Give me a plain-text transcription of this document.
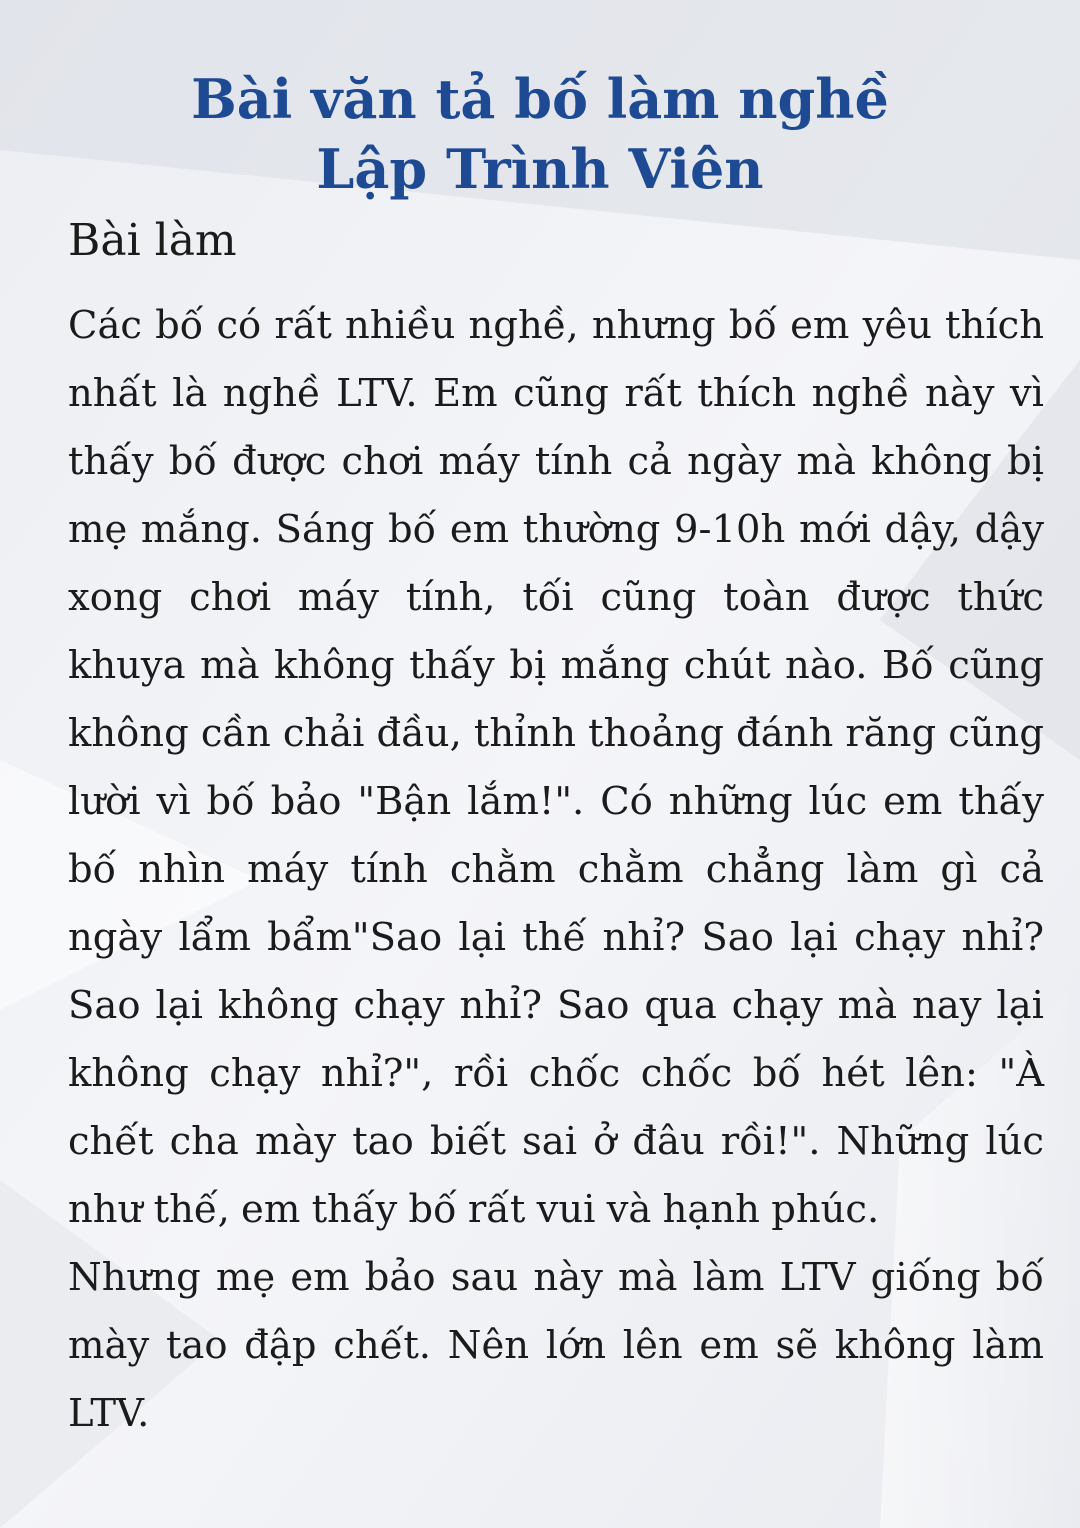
Bài văn tả bố làm nghề
Lập Trình Viên
Bài làm

Các bố có rất nhiều nghề, nhưng bố em yêu thích nhất là nghề LTV. Em cũng rất thích nghề này vì thấy bố được chơi máy tính cả ngày mà không bị mẹ mắng. Sáng bố em thường 9-10h mới dậy, dậy xong chơi máy tính, tối cũng toàn được thức khuya mà không thấy bị mắng chút nào. Bố cũng không cần chải đầu, thỉnh thoảng đánh răng cũng lười vì bố bảo "Bận lắm!". Có những lúc em thấy bố nhìn máy tính chằm chằm chẳng làm gì cả ngày lẩm bẩm"Sao lại thế nhỉ? Sao lại chạy nhỉ? Sao lại không chạy nhỉ? Sao qua chạy mà nay lại không chạy nhỉ?", rồi chốc chốc bố hét lên: "À chết cha mày tao biết sai ở đâu rồi!". Những lúc như thế, em thấy bố rất vui và hạnh phúc.

Nhưng mẹ em bảo sau này mà làm LTV giống bố mày tao đập chết. Nên lớn lên em sẽ không làm LTV.
